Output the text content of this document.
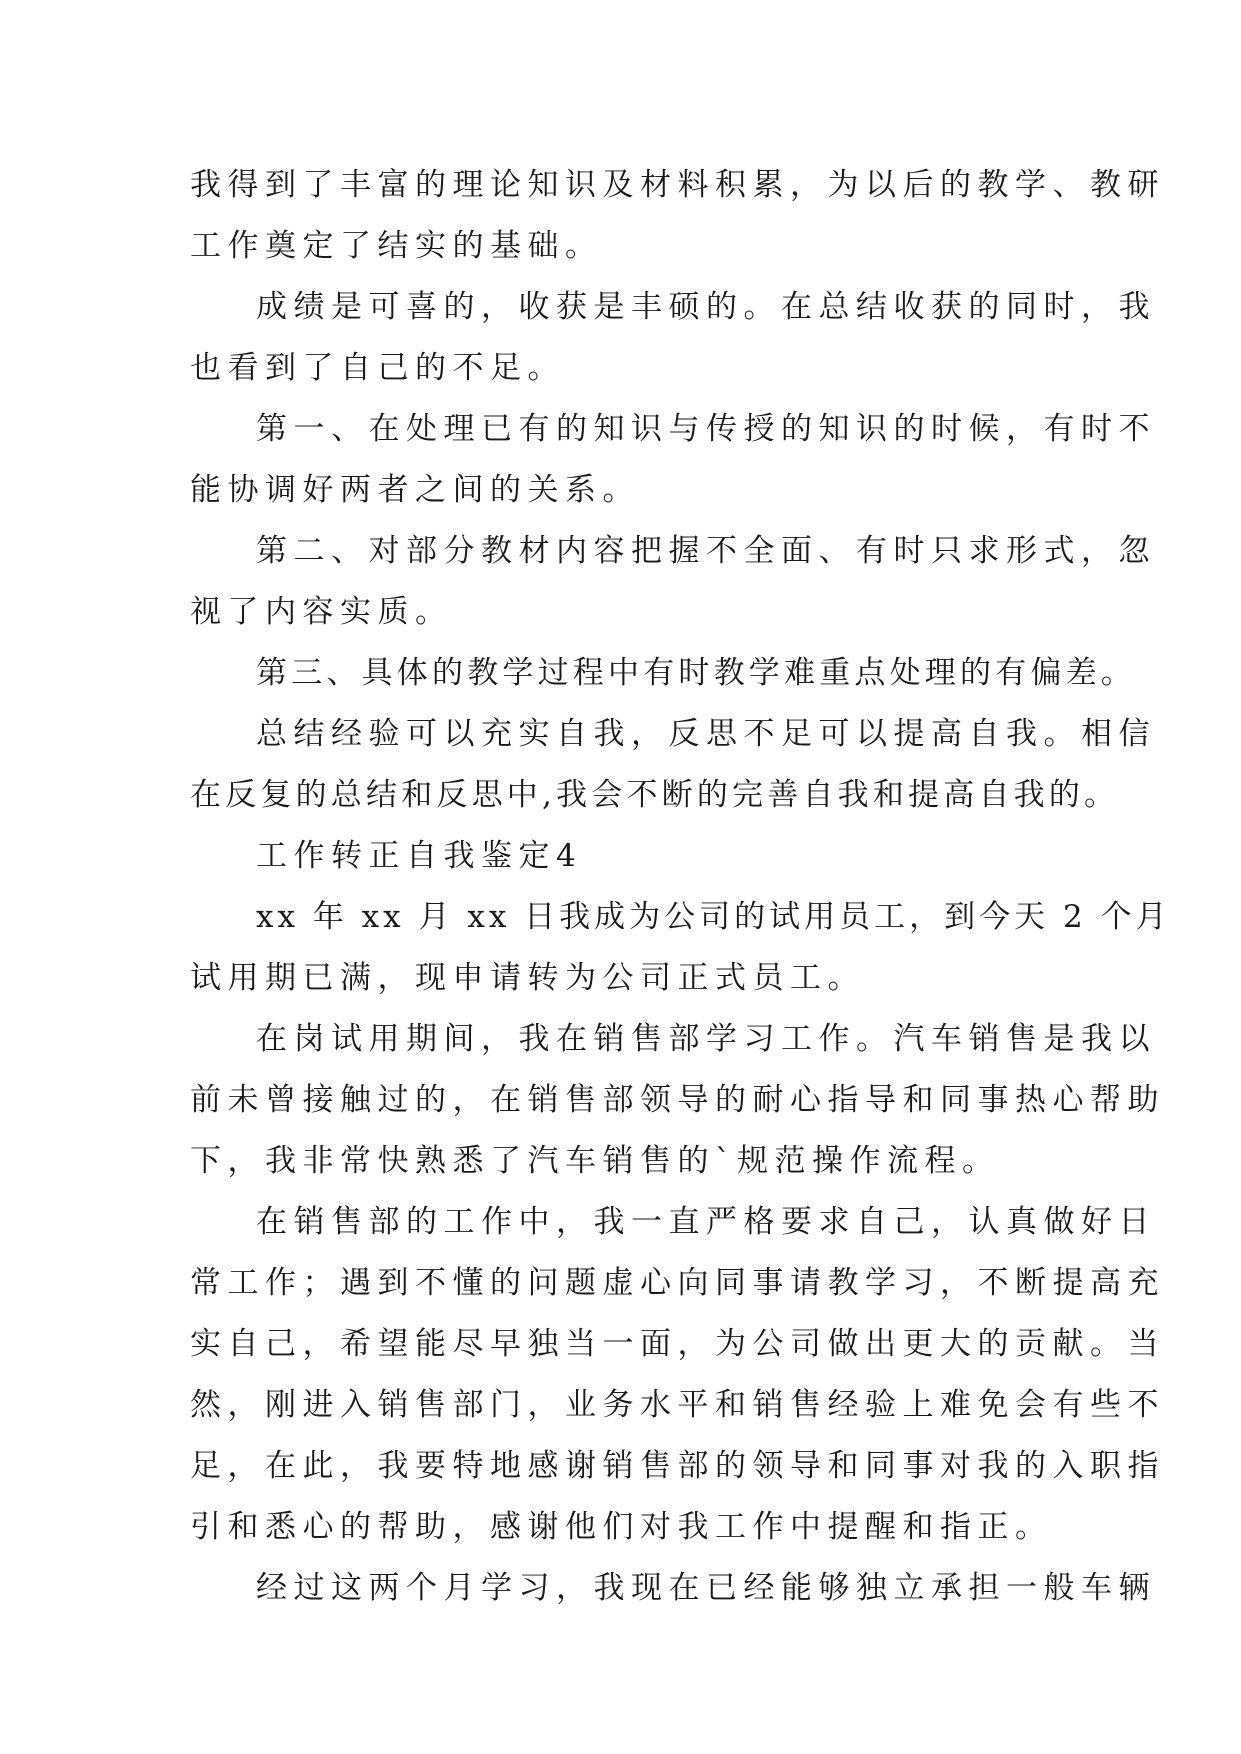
我得到了丰富的理论知识及材料积累，为以后的教学、教研
工作奠定了结实的基础。
成绩是可喜的，收获是丰硕的。在总结收获的同时，我
也看到了自己的不足。
第一、在处理已有的知识与传授的知识的时候，有时不
能协调好两者之间的关系。
第二、对部分教材内容把握不全面、有时只求形式，忽
视了内容实质。
第三、具体的教学过程中有时教学难重点处理的有偏差。
总结经验可以充实自我，反思不足可以提高自我。相信
在反复的总结和反思中,我会不断的完善自我和提高自我的。
工作转正自我鉴定4
xx 年 xx 月 xx 日我成为公司的试用员工，到今天 2 个月
试用期已满，现申请转为公司正式员工。
在岗试用期间，我在销售部学习工作。汽车销售是我以
前未曾接触过的，在销售部领导的耐心指导和同事热心帮助
下，我非常快熟悉了汽车销售的`规范操作流程。
在销售部的工作中，我一直严格要求自己，认真做好日
常工作；遇到不懂的问题虚心向同事请教学习，不断提高充
实自己，希望能尽早独当一面，为公司做出更大的贡献。当
然，刚进入销售部门，业务水平和销售经验上难免会有些不
足，在此，我要特地感谢销售部的领导和同事对我的入职指
引和悉心的帮助，感谢他们对我工作中提醒和指正。
经过这两个月学习，我现在已经能够独立承担一般车辆
